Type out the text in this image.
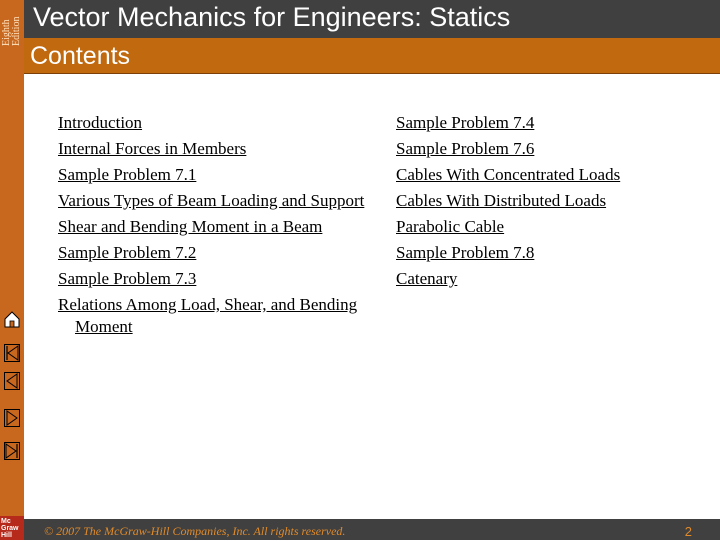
Eighth Edition
Mc
Graw
Hill
Vector Mechanics for Engineers: Statics
Contents
Introduction
Internal Forces in Members
Sample Problem 7.1
Various Types of Beam Loading and Support
Shear and Bending Moment in a Beam
Sample Problem 7.2
Sample Problem 7.3
Relations Among Load, Shear, and Bending Moment
Sample Problem 7.4
Sample Problem 7.6
Cables With Concentrated Loads
Cables With Distributed Loads
Parabolic Cable
Sample Problem 7.8
Catenary
© 2007 The McGraw-Hill Companies, Inc. All rights reserved.	2
